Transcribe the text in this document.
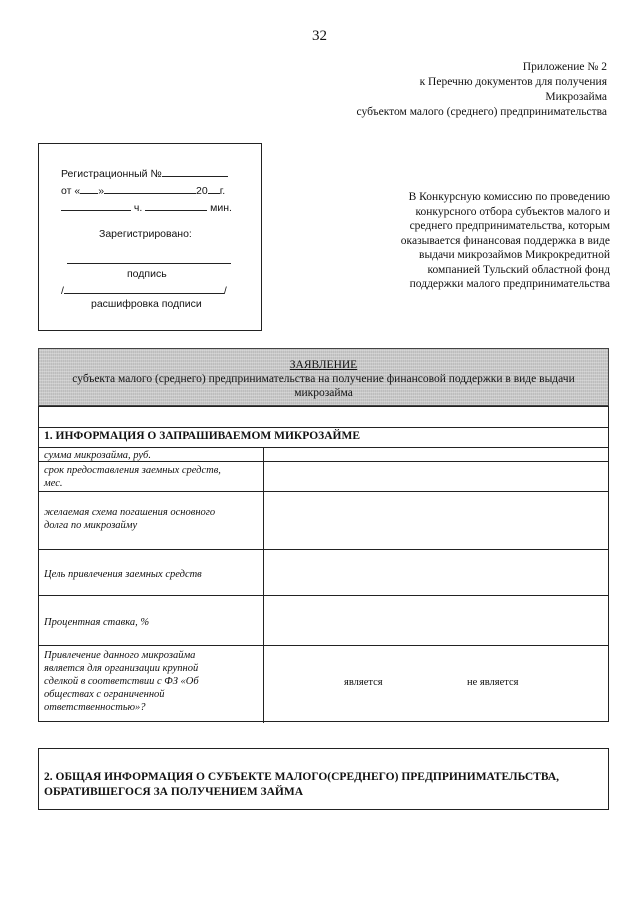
32
Приложение № 2
к Перечню документов для получения
Микрозайма
субъектом малого (среднего) предпринимательства
Регистрационный №
от « »	20 г.
ч.	мин.
Зарегистрировано:
подпись
/	/
расшифровка подписи
В Конкурсную комиссию по проведению
конкурсного отбора субъектов малого и
среднего предпринимательства, которым
оказывается финансовая поддержка в виде
выдачи микрозаймов Микрокредитной
компанией Тульский областной фонд
поддержки малого предпринимательства
ЗАЯВЛЕНИЕ
субъекта малого (среднего) предпринимательства на получение финансовой поддержки в виде выдачи
микрозайма
1. ИНФОРМАЦИЯ О ЗАПРАШИВАЕМОМ МИКРОЗАЙМЕ
сумма микрозайма, руб.
срок предоставления заемных средств,
мес.
желаемая схема погашения основного
долга по микрозайму
Цель привлечения заемных средств
Процентная ставка, %
Привлечение данного микрозайма
является для организации крупной
сделкой в соответствии с ФЗ «Об
обществах с ограниченной
ответственностью»?
является	не является
2. ОБЩАЯ ИНФОРМАЦИЯ О СУБЪЕКТЕ МАЛОГО(СРЕДНЕГО) ПРЕДПРИНИМАТЕЛЬСТВА,
ОБРАТИВШЕГОСЯ ЗА ПОЛУЧЕНИЕМ ЗАЙМА
